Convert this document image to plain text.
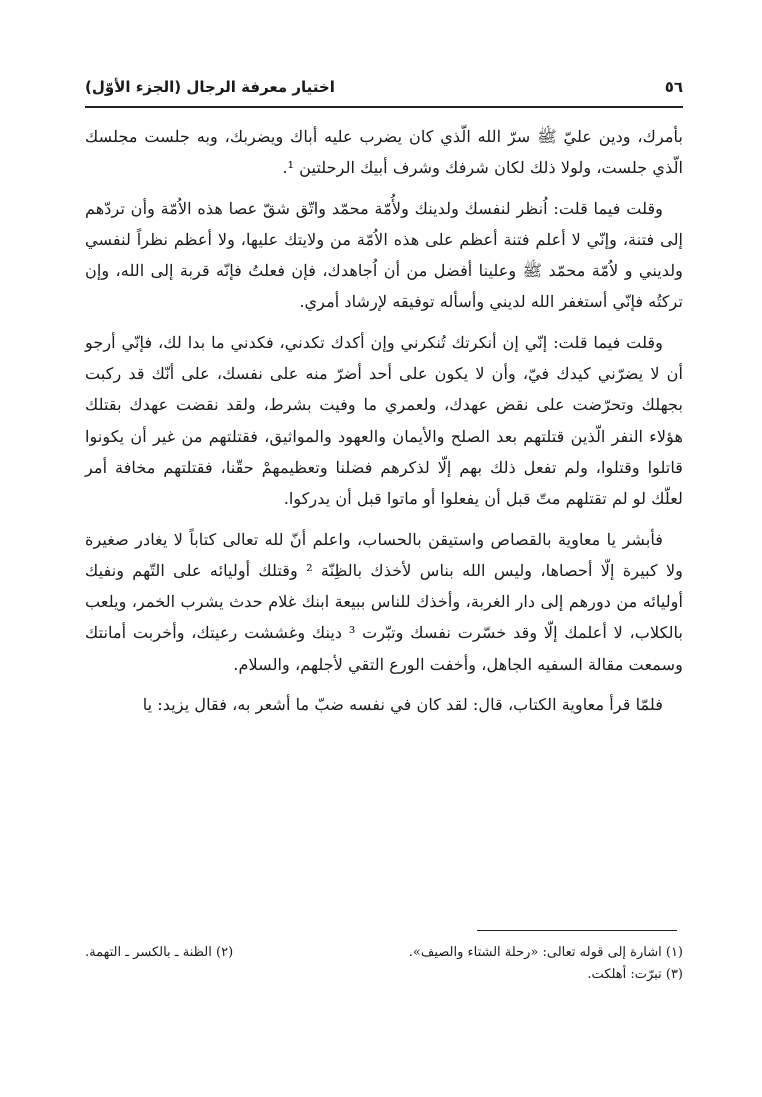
٥٦
اختيار معرفة الرجال (الجزء الأوّل)

بأمرك، ودين عليّ ﷺ سرّ الله الّذي كان يضرب عليه أباك ويضربك، وبه جلست مجلسك الّذي جلست، ولولا ذلك لكان شرفك وشرف أبيك الرحلتين ¹.

وقلت فيما قلت: اُنظر لنفسك ولدينك ولأُمّة محمّد واتّق شقّ عصا هذه الاُمّة وأن تردّهم إلى فتنة، وإنّي لا أعلم فتنة أعظم على هذه الاُمّة من ولايتك عليها، ولا أعظم نظراً لنفسي ولديني و لاُمّة محمّد ﷺ وعلينا أفضل من أن اُجاهدك، فإن فعلتُ فإنّه قربة إلى الله، وإن تركتُه فإنّي أستغفر الله لديني وأسأله توفيقه لإرشاد أمري.

وقلت فيما قلت: إنّي إن أنكرتك تُنكرني وإن أكدك تكدني، فكدني ما بدا لك، فإنّي أرجو أن لا يضرّني كيدك فيّ، وأن لا يكون على أحد أضرّ منه على نفسك، على أنّك قد ركبت بجهلك وتحرّضت على نقض عهدك، ولعمري ما وفيت بشرط، ولقد نقضت عهدك بقتلك هؤلاء النفر الّذين قتلتهم بعد الصلح والأيمان والعهود والمواثيق، فقتلتهم من غير أن يكونوا قاتلوا وقتلوا، ولم تفعل ذلك بهم إلّا لذكرهم فضلنا وتعظيمهمْ حقّنا، فقتلتهم مخافة أمر لعلّك لو لم تقتلهم متّ قبل أن يفعلوا أو ماتوا قبل أن يدركوا.

فأبشر يا معاوية بالقصاص واستيقن بالحساب، واعلم أنّ لله تعالى كتاباً لا يغادر صغيرة ولا كبيرة إلّا أحصاها، وليس الله بناس لأخذك بالظِنّة ² وقتلك أوليائه على التّهم ونفيك أوليائه من دورهم إلى دار الغربة، وأخذك للناس ببيعة ابنك غلام حدث يشرب الخمر، ويلعب بالكلاب، لا أعلمك إلّا وقد خسّرت نفسك وتبّرت ³ دينك وغششت رعيتك، وأخربت أمانتك وسمعت مقالة السفيه الجاهل، وأخفت الورع التقي لأجلهم، والسلام.

فلمّا قرأ معاوية الكتاب، قال: لقد كان في نفسه ضبّ ما أشعر به، فقال يزيد: يا

(١) اشارة إلى قوله تعالى: «رحلة الشتاء والصيف».
(٢) الظنة ـ بالكسر ـ التهمة.
(٣) تبرّت: أهلكت.
